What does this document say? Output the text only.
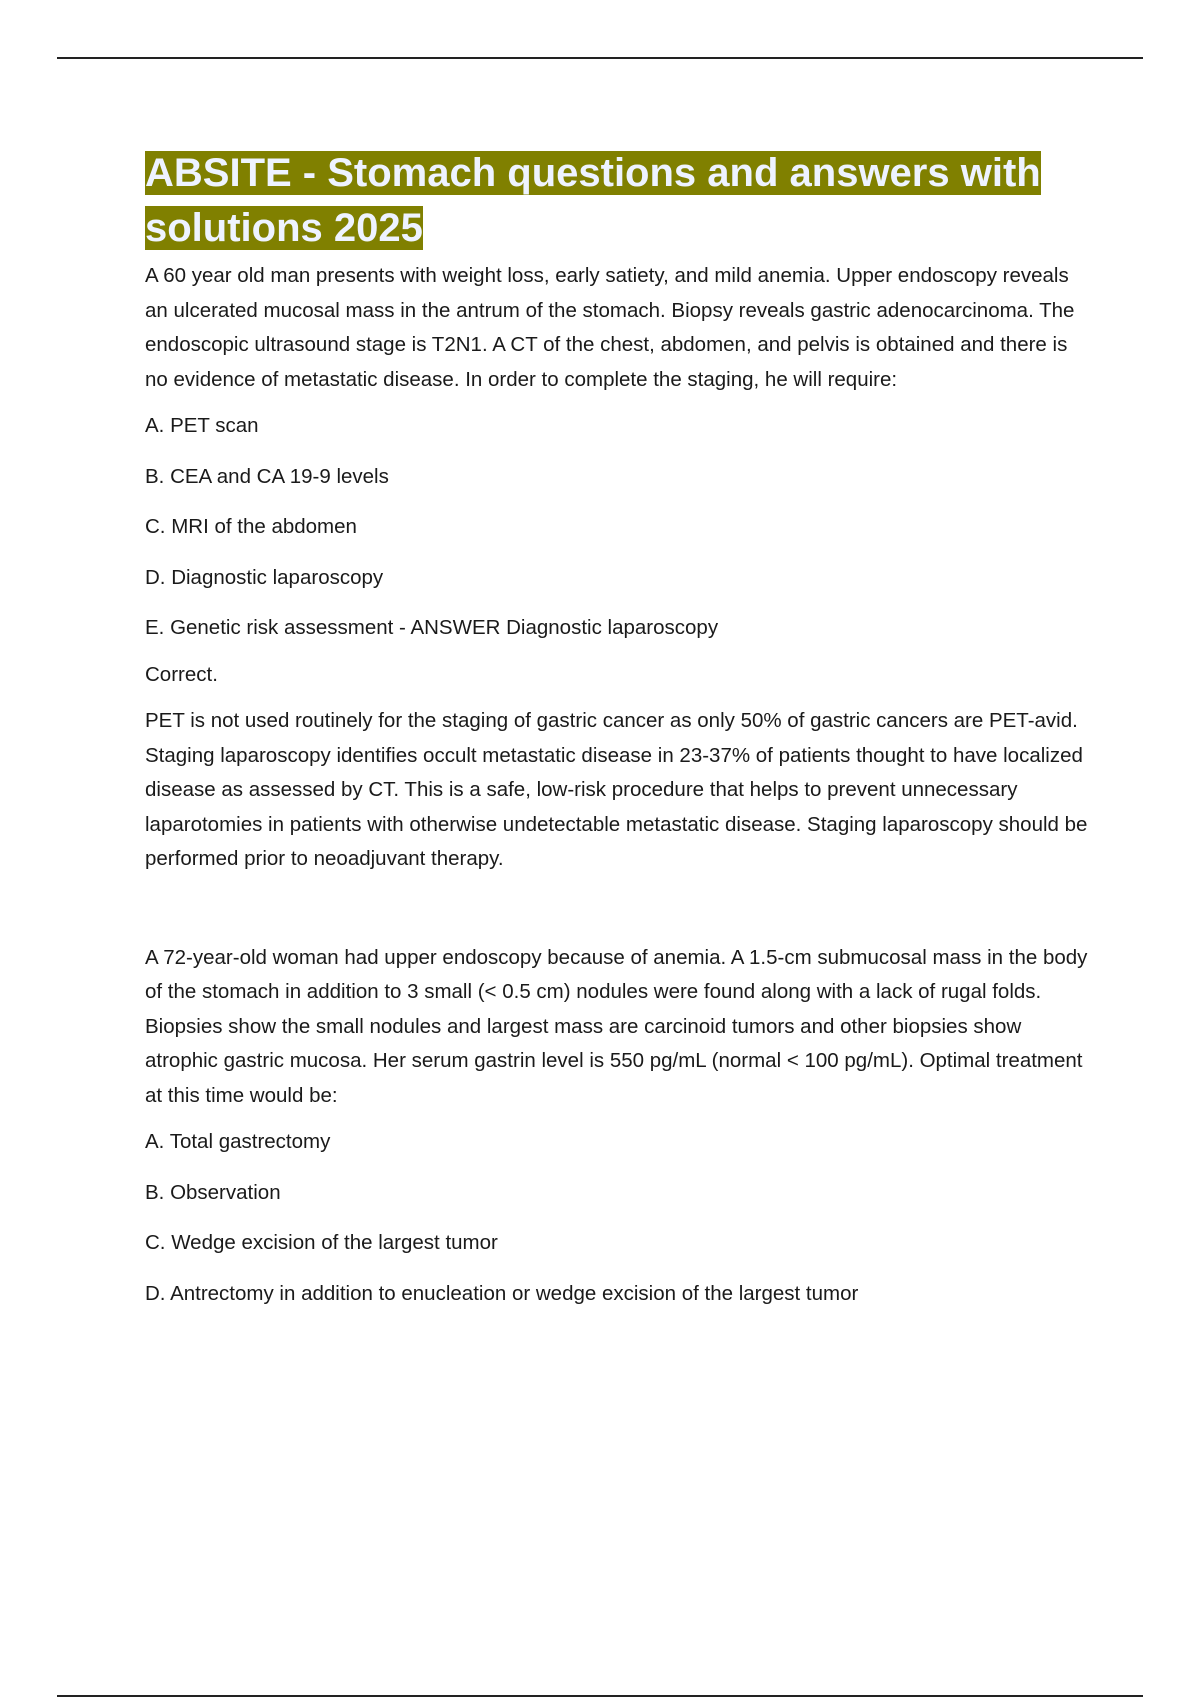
ABSITE - Stomach questions and answers with solutions 2025

A 60 year old man presents with weight loss, early satiety, and mild anemia. Upper endoscopy reveals an ulcerated mucosal mass in the antrum of the stomach. Biopsy reveals gastric adenocarcinoma. The endoscopic ultrasound stage is T2N1. A CT of the chest, abdomen, and pelvis is obtained and there is no evidence of metastatic disease. In order to complete the staging, he will require:

A. PET scan

B. CEA and CA 19-9 levels

C. MRI of the abdomen

D. Diagnostic laparoscopy

E. Genetic risk assessment - ANSWER Diagnostic laparoscopy

Correct.

PET is not used routinely for the staging of gastric cancer as only 50% of gastric cancers are PET-avid. Staging laparoscopy identifies occult metastatic disease in 23-37% of patients thought to have localized disease as assessed by CT. This is a safe, low-risk procedure that helps to prevent unnecessary laparotomies in patients with otherwise undetectable metastatic disease. Staging laparoscopy should be performed prior to neoadjuvant therapy.

A 72-year-old woman had upper endoscopy because of anemia. A 1.5-cm submucosal mass in the body of the stomach in addition to 3 small (< 0.5 cm) nodules were found along with a lack of rugal folds. Biopsies show the small nodules and largest mass are carcinoid tumors and other biopsies show atrophic gastric mucosa. Her serum gastrin level is 550 pg/mL (normal < 100 pg/mL). Optimal treatment at this time would be:

A. Total gastrectomy

B. Observation

C. Wedge excision of the largest tumor

D. Antrectomy in addition to enucleation or wedge excision of the largest tumor
